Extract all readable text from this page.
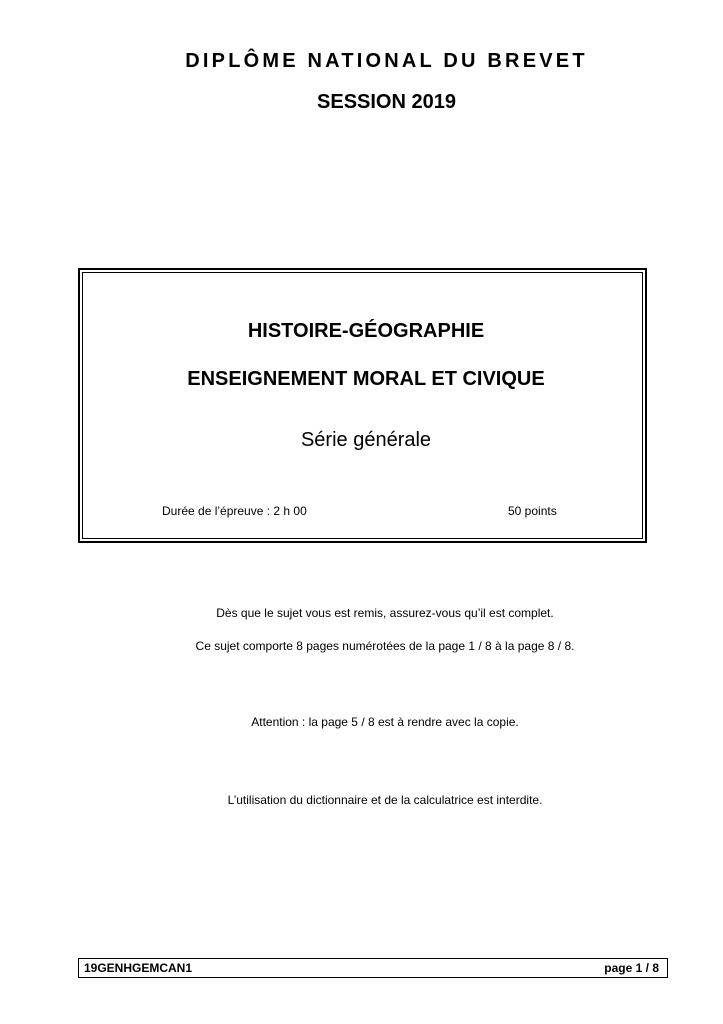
DIPLÔME NATIONAL DU BREVET
SESSION 2019
HISTOIRE-GÉOGRAPHIE
ENSEIGNEMENT MORAL ET CIVIQUE
Série générale
Durée de l’épreuve : 2 h 00	50 points
Dès que le sujet vous est remis, assurez-vous qu’il est complet.
Ce sujet comporte 8 pages numérotées de la page 1 / 8 à la page 8 / 8.
Attention : la page 5 / 8 est à rendre avec la copie.
L’utilisation du dictionnaire et de la calculatrice est interdite.
19GENHGEMCAN1	page 1 / 8
